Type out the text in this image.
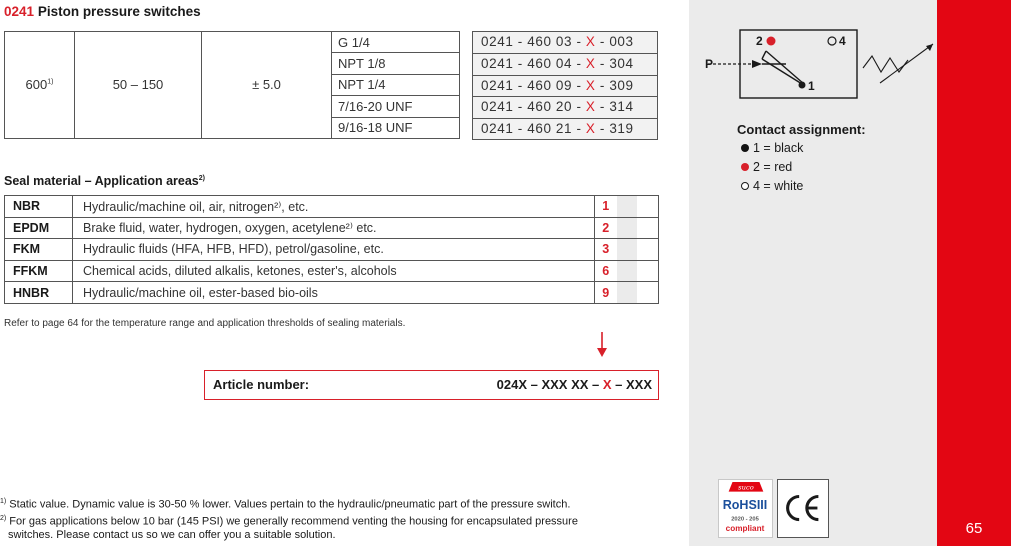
0241 Piston pressure switches
600$^{1)}$	50 – 150	± 5.0	G 1/4
NPT 1/8
NPT 1/4
7/16-20 UNF
9/16-18 UNF
0241 - 460 03 - X - 003
0241 - 460 04 - X - 304
0241 - 460 09 - X - 309
0241 - 460 20 - X - 314
0241 - 460 21 - X - 319
Seal material – Application areas$^{2)}$
NBR	Hydraulic/machine oil, air, nitrogen²⁾, etc.	1		
EPDM	Brake fluid, water, hydrogen, oxygen, acetylene²⁾ etc.	2		
FKM	Hydraulic fluids (HFA, HFB, HFD), petrol/gasoline, etc.	3		
FFKM	Chemical acids, diluted alkalis, ketones, ester's, alcohols	6		
HNBR	Hydraulic/machine oil, ester-based bio-oils	9		
Refer to page 64 for the temperature range and application thresholds of sealing materials.
Article number:	024X – XXX XX – X – XXX
$^{1)}$ Static value. Dynamic value is 30-50 % lower. Values pertain to the hydraulic/pneumatic part of the pressure switch.
$^{2)}$ For gas applications below 10 bar (145 PSI) we generally recommend venting the housing for encapsulated pressure
switches. Please contact us so we can offer you a suitable solution.
P
2
1
4
Contact assignment:
1 = black
2 = red
4 = white
suco
RoHSIII
2020 - 205
compliant	65
